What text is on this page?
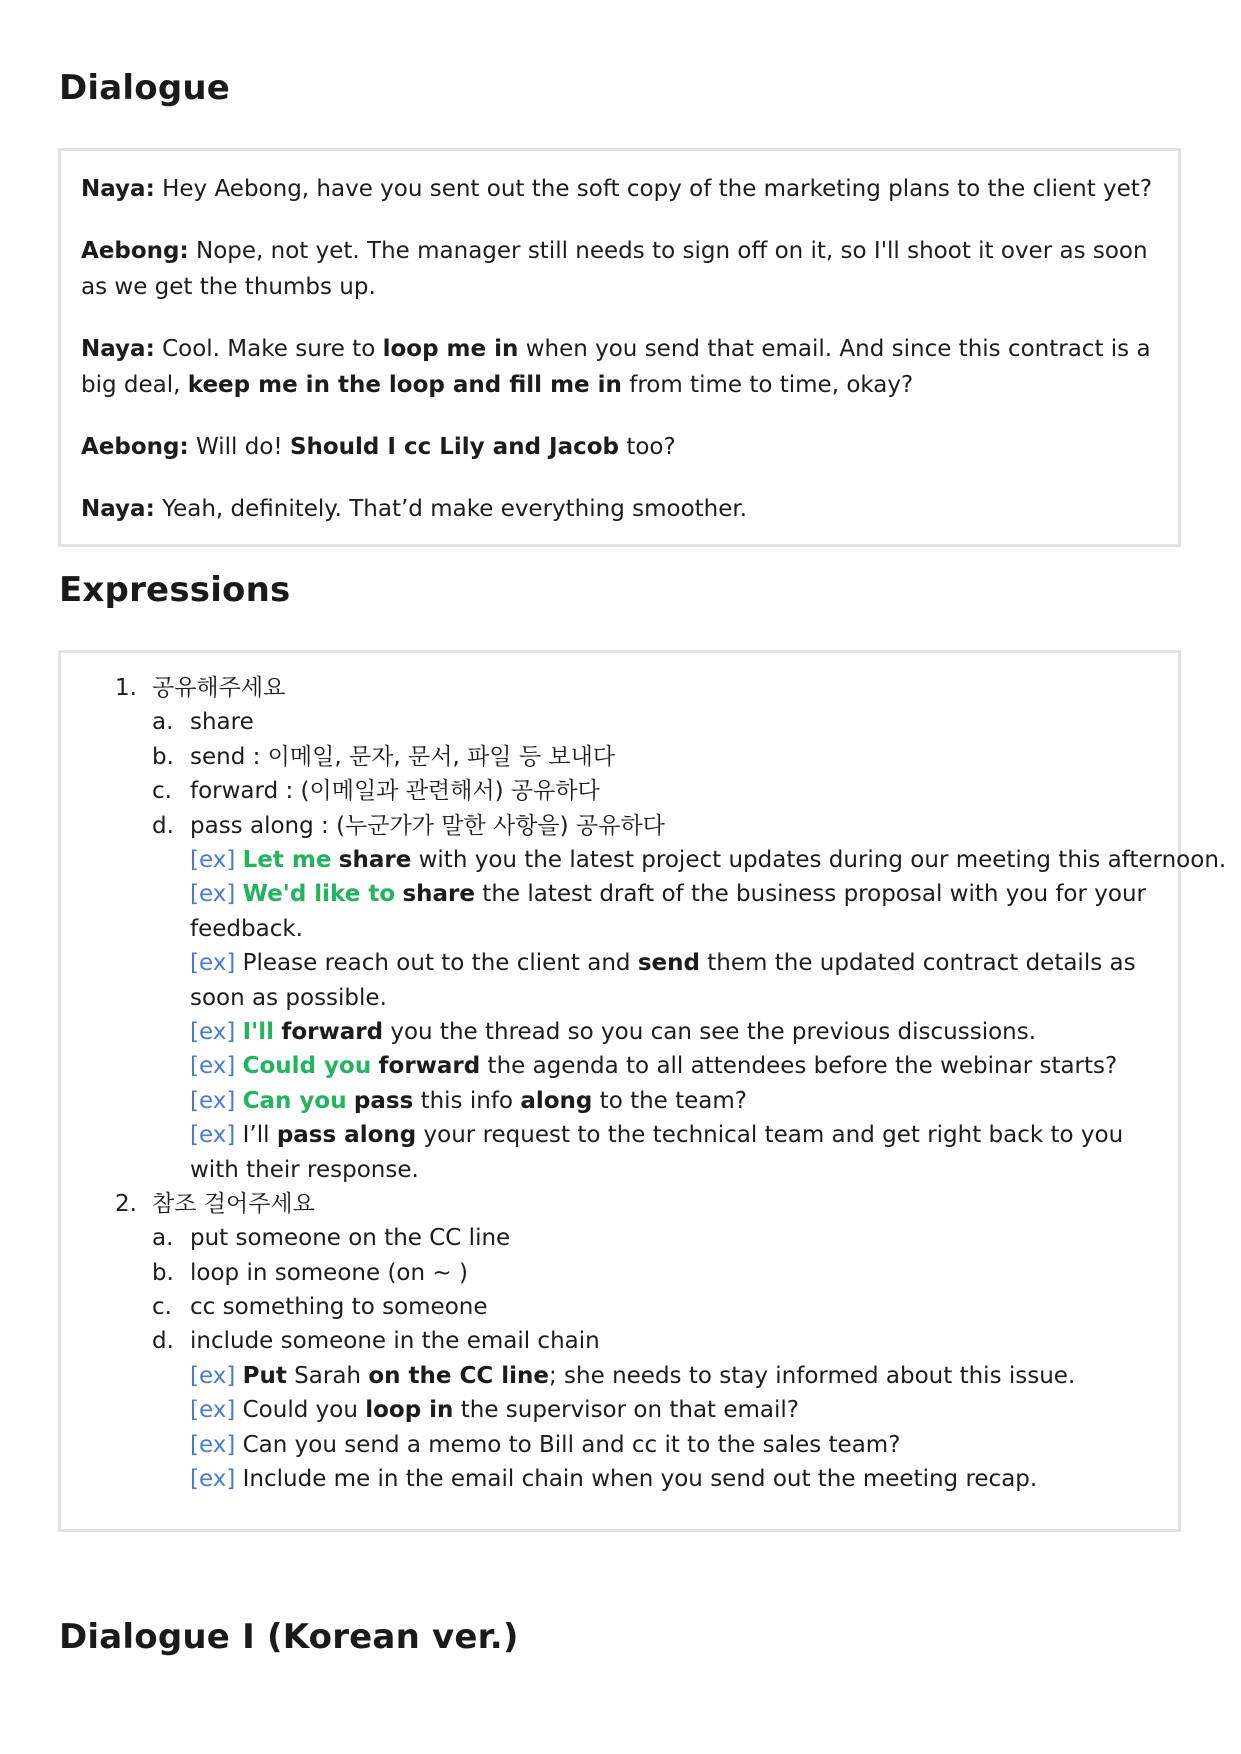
Dialogue

Naya: Hey Aebong, have you sent out the soft copy of the marketing plans to the client yet?

Aebong: Nope, not yet. The manager still needs to sign off on it, so I'll shoot it over as soon as we get the thumbs up.

Naya: Cool. Make sure to loop me in when you send that email. And since this contract is a big deal, keep me in the loop and fill me in from time to time, okay?

Aebong: Will do! Should I cc Lily and Jacob too?

Naya: Yeah, definitely. That’d make everything smoother.

Expressions
1. 공유해주세요
a. share
b. send : 이메일, 문자, 문서, 파일 등 보내다
c. forward : (이메일과 관련해서) 공유하다
d. pass along : (누군가가 말한 사항을) 공유하다
[ex] Let me share with you the latest project updates during our meeting this afternoon.
[ex] We'd like to share the latest draft of the business proposal with you for your feedback.
[ex] Please reach out to the client and send them the updated contract details as soon as possible.
[ex] I'll forward you the thread so you can see the previous discussions.
[ex] Could you forward the agenda to all attendees before the webinar starts?
[ex] Can you pass this info along to the team?
[ex] I’ll pass along your request to the technical team and get right back to you with their response.
2. 참조 걸어주세요
a. put someone on the CC line
b. loop in someone (on ~ )
c. cc something to someone
d. include someone in the email chain
[ex] Put Sarah on the CC line; she needs to stay informed about this issue.
[ex] Could you loop in the supervisor on that email?
[ex] Can you send a memo to Bill and cc it to the sales team?
[ex] Include me in the email chain when you send out the meeting recap.
Dialogue I (Korean ver.)
